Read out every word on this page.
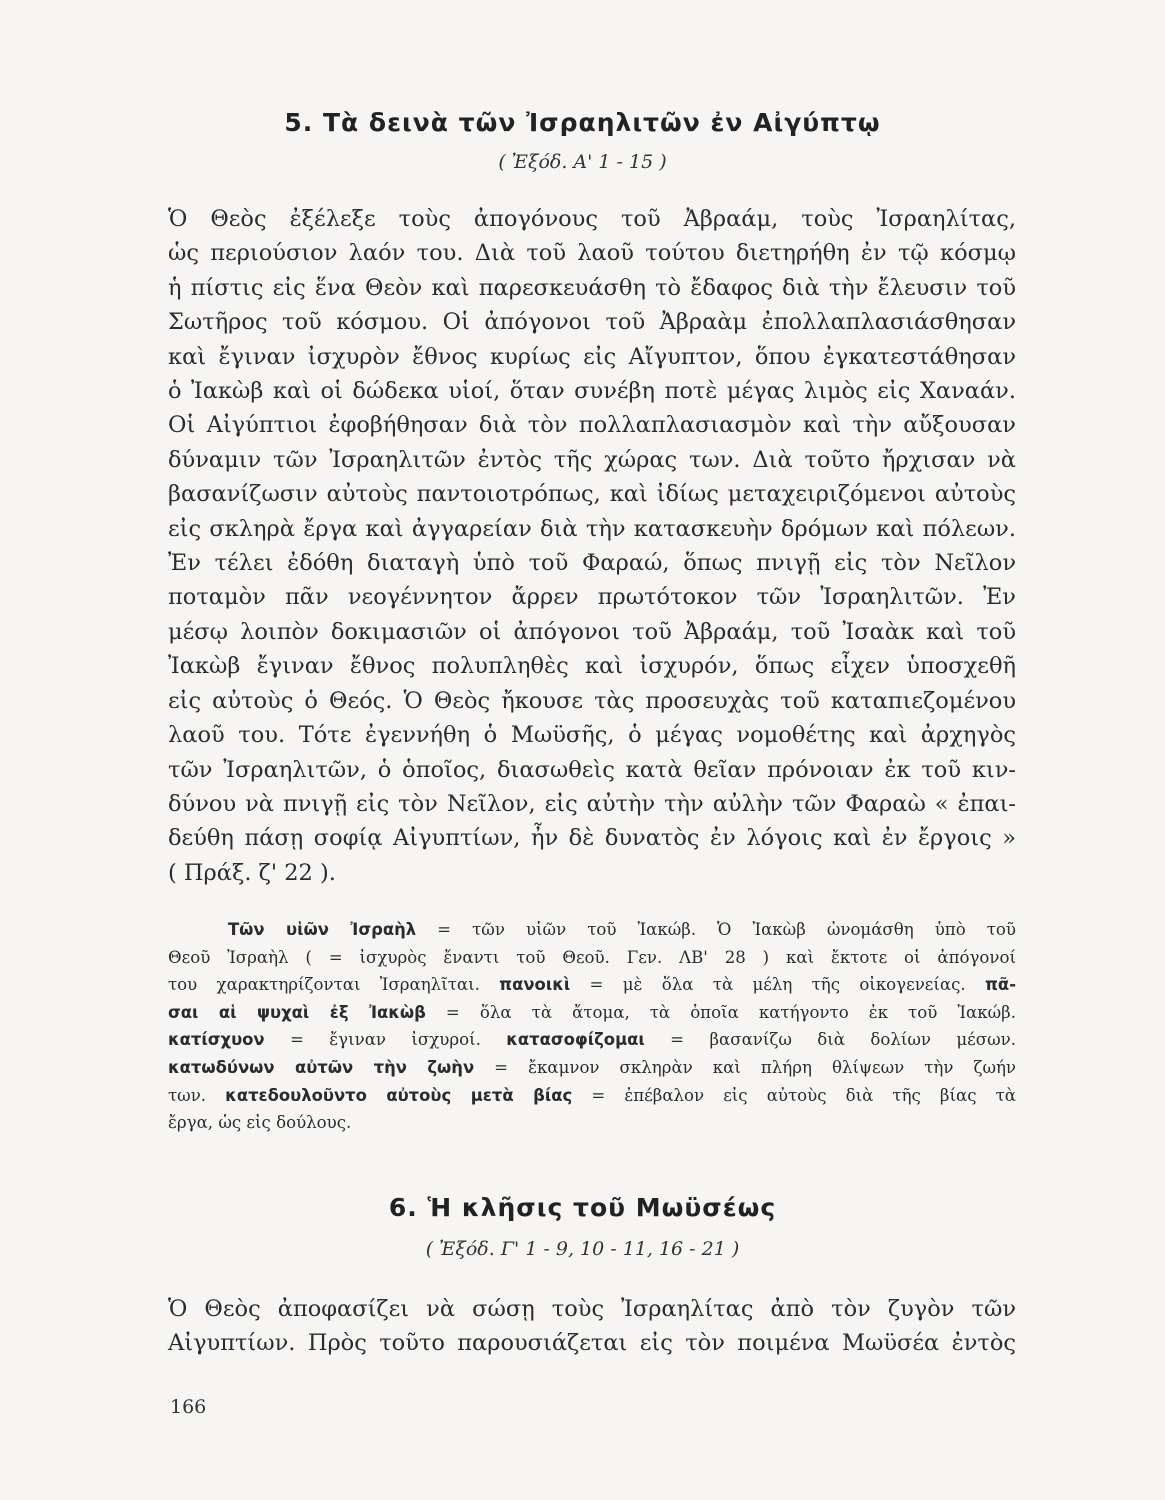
5. Τὰ δεινὰ τῶν Ἰσραηλιτῶν ἐν Αἰγύπτῳ
( Ἐξόδ. Α' 1 - 15 )
Ὁ Θεὸς ἐξέλεξε τοὺς ἀπογόνους τοῦ Ἀβραάμ, τοὺς Ἰσραηλίτας,
ὡς περιούσιον λαόν του. Διὰ τοῦ λαοῦ τούτου διετηρήθη ἐν τῷ κόσμῳ
ἡ πίστις εἰς ἕνα Θεὸν καὶ παρεσκευάσθη τὸ ἔδαφος διὰ τὴν ἔλευσιν τοῦ
Σωτῆρος τοῦ κόσμου. Οἱ ἀπόγονοι τοῦ Ἀβραὰμ ἐπολλαπλασιάσθησαν
καὶ ἔγιναν ἰσχυρὸν ἔθνος κυρίως εἰς Αἴγυπτον, ὅπου ἐγκατεστάθησαν
ὁ Ἰακὼβ καὶ οἱ δώδεκα υἱοί, ὅταν συνέβη ποτὲ μέγας λιμὸς εἰς Χαναάν.
Οἱ Αἰγύπτιοι ἐφοβήθησαν διὰ τὸν πολλαπλασιασμὸν καὶ τὴν αὔξουσαν
δύναμιν τῶν Ἰσραηλιτῶν ἐντὸς τῆς χώρας των. Διὰ τοῦτο ἤρχισαν νὰ
βασανίζωσιν αὐτοὺς παντοιοτρόπως, καὶ ἰδίως μεταχειριζόμενοι αὐτοὺς
εἰς σκληρὰ ἔργα καὶ ἀγγαρείαν διὰ τὴν κατασκευὴν δρόμων καὶ πόλεων.
Ἐν τέλει ἐδόθη διαταγὴ ὑπὸ τοῦ Φαραώ, ὅπως πνιγῇ εἰς τὸν Νεῖλον
ποταμὸν πᾶν νεογέννητον ἄρρεν πρωτότοκον τῶν Ἰσραηλιτῶν. Ἐν
μέσῳ λοιπὸν δοκιμασιῶν οἱ ἀπόγονοι τοῦ Ἀβραάμ, τοῦ Ἰσαὰκ καὶ τοῦ
Ἰακὼβ ἔγιναν ἔθνος πολυπληθὲς καὶ ἰσχυρόν, ὅπως εἶχεν ὑποσχεθῆ
εἰς αὐτοὺς ὁ Θεός. Ὁ Θεὸς ἤκουσε τὰς προσευχὰς τοῦ καταπιεζομένου
λαοῦ του. Τότε ἐγεννήθη ὁ Μωϋσῆς, ὁ μέγας νομοθέτης καὶ ἀρχηγὸς
τῶν Ἰσραηλιτῶν, ὁ ὁποῖος, διασωθεὶς κατὰ θεῖαν πρόνοιαν ἐκ τοῦ κιν-
δύνου νὰ πνιγῇ εἰς τὸν Νεῖλον, εἰς αὐτὴν τὴν αὐλὴν τῶν Φαραὼ « ἐπαι-
δεύθη πάσῃ σοφίᾳ Αἰγυπτίων, ἦν δὲ δυνατὸς ἐν λόγοις καὶ ἐν ἔργοις »
( Πράξ. ζ' 22 ).
Τῶν υἱῶν Ἰσραὴλ = τῶν υἱῶν τοῦ Ἰακώβ. Ὁ Ἰακὼβ ὠνομάσθη ὑπὸ τοῦ
Θεοῦ Ἰσραὴλ ( = ἰσχυρὸς ἔναντι τοῦ Θεοῦ. Γεν. ΛΒ' 28 ) καὶ ἔκτοτε οἱ ἀπόγονοί
του χαρακτηρίζονται Ἰσραηλῖται. πανοικὶ = μὲ ὅλα τὰ μέλη τῆς οἰκογενείας. πᾶ-
σαι αἱ ψυχαὶ ἐξ Ἰακὼβ = ὅλα τὰ ἄτομα, τὰ ὁποῖα κατήγοντο ἐκ τοῦ Ἰακώβ.
κατίσχυον = ἔγιναν ἰσχυροί. κατασοφίζομαι = βασανίζω διὰ δολίων μέσων.
κατωδύνων αὐτῶν τὴν ζωὴν = ἔκαμνον σκληρὰν καὶ πλήρη θλίψεων τὴν ζωήν
των. κατεδουλοῦντο αὐτοὺς μετὰ βίας = ἐπέβαλον εἰς αὐτοὺς διὰ τῆς βίας τὰ
ἔργα, ὡς εἰς δούλους.
6. Ἡ κλῆσις τοῦ Μωϋσέως
( Ἐξόδ. Γ' 1 - 9, 10 - 11, 16 - 21 )
Ὁ Θεὸς ἀποφασίζει νὰ σώσῃ τοὺς Ἰσραηλίτας ἀπὸ τὸν ζυγὸν τῶν
Αἰγυπτίων. Πρὸς τοῦτο παρουσιάζεται εἰς τὸν ποιμένα Μωϋσέα ἐντὸς
166
